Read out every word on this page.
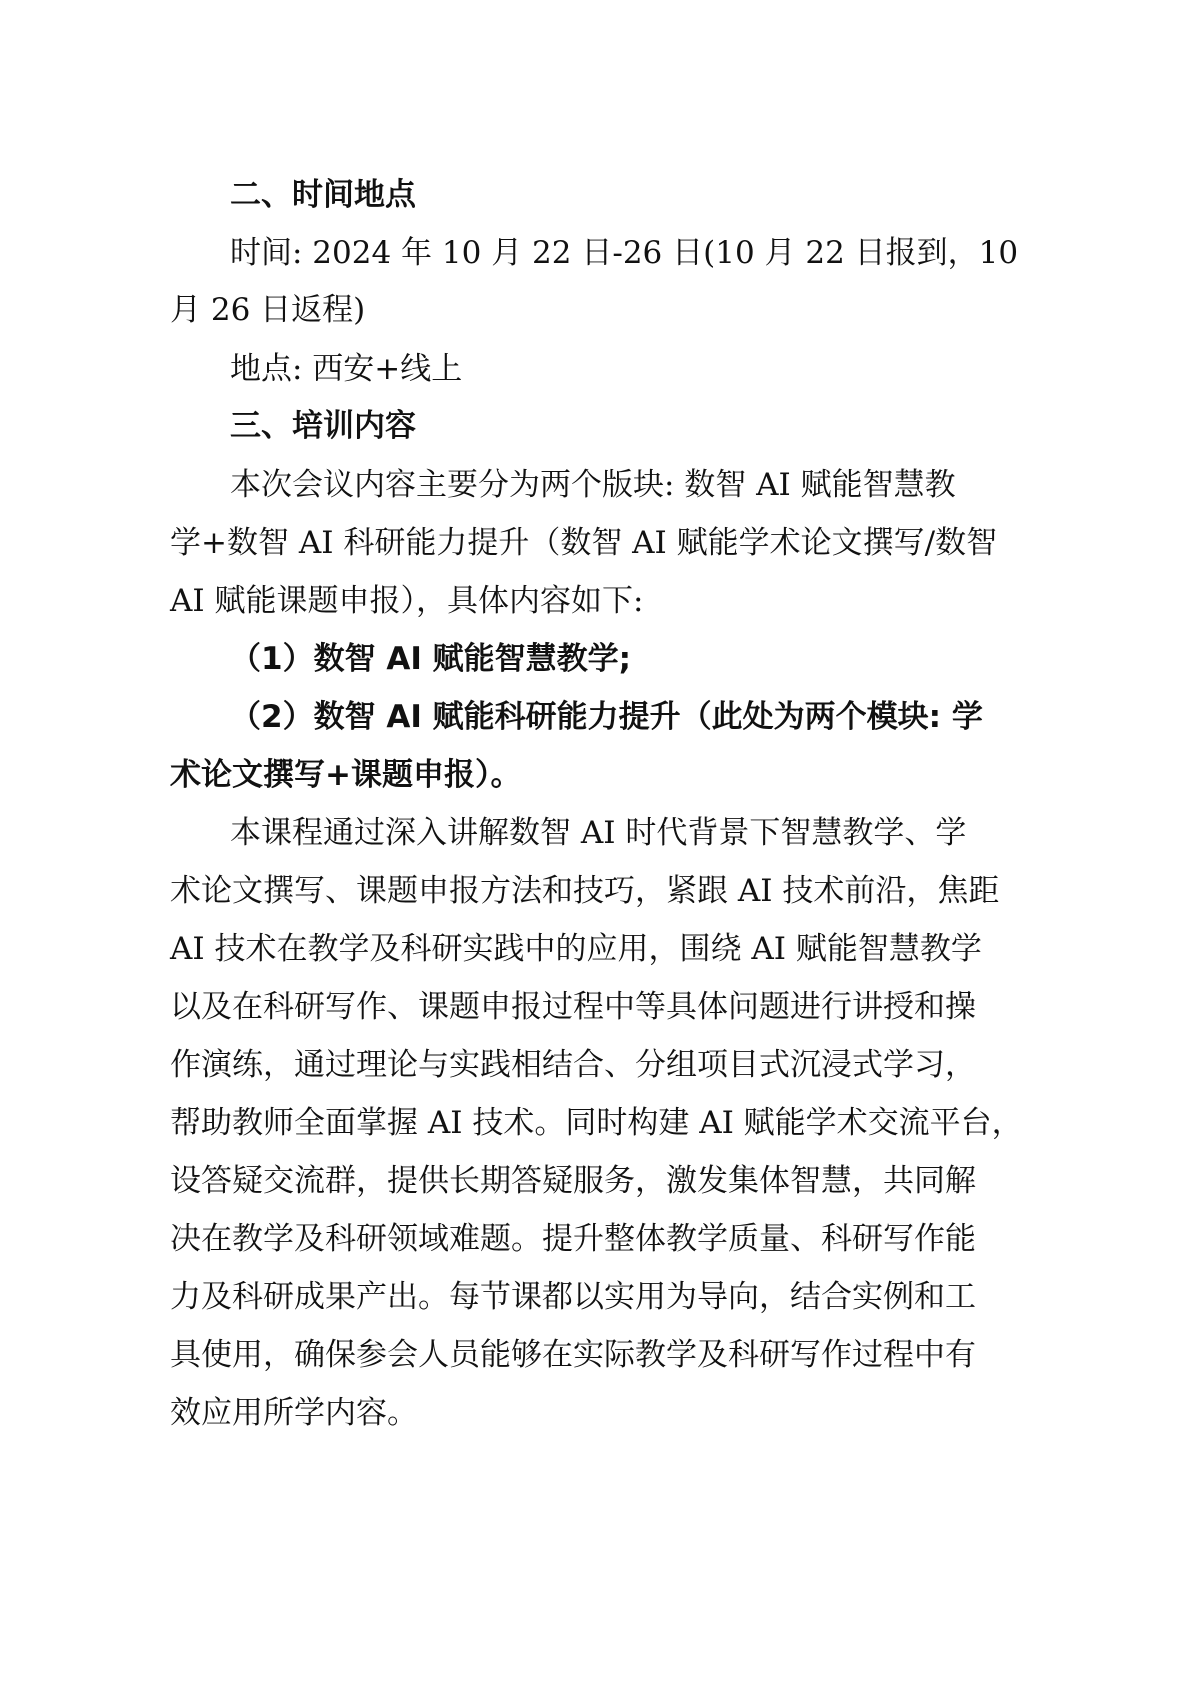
二、时间地点

时间: 2024 年 10 月 22 日-26 日(10 月 22 日报到，10

月 26 日返程)

地点: 西安+线上

三、培训内容

本次会议内容主要分为两个版块: 数智 AI 赋能智慧教

学+数智 AI 科研能力提升（数智 AI 赋能学术论文撰写/数智

AI 赋能课题申报），具体内容如下:

（1）数智 AI 赋能智慧教学;

（2）数智 AI 赋能科研能力提升（此处为两个模块: 学

术论文撰写+课题申报）。

本课程通过深入讲解数智 AI 时代背景下智慧教学、学

术论文撰写、课题申报方法和技巧，紧跟 AI 技术前沿，焦距

AI 技术在教学及科研实践中的应用，围绕 AI 赋能智慧教学

以及在科研写作、课题申报过程中等具体问题进行讲授和操

作演练，通过理论与实践相结合、分组项目式沉浸式学习，

帮助教师全面掌握 AI 技术。同时构建 AI 赋能学术交流平台，

设答疑交流群，提供长期答疑服务，激发集体智慧，共同解

决在教学及科研领域难题。提升整体教学质量、科研写作能

力及科研成果产出。每节课都以实用为导向，结合实例和工

具使用，确保参会人员能够在实际教学及科研写作过程中有

效应用所学内容。
